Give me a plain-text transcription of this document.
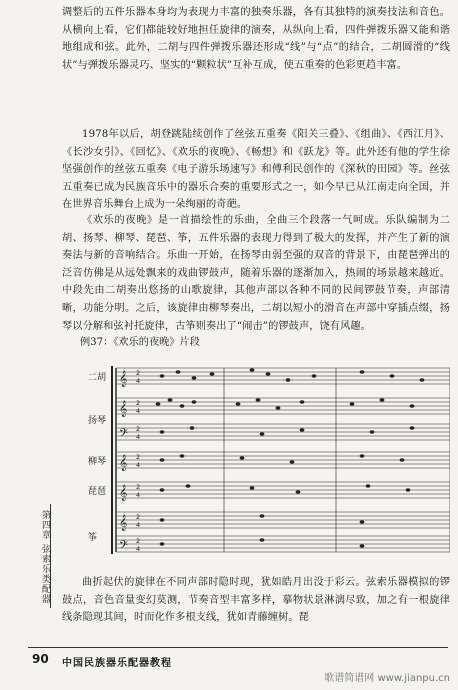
调整后的五件乐器本身均为表现力丰富的独奏乐器，各有其独特的演奏技法和音色。从横向上看，它们都能较好地担任旋律的演奏，从纵向上看，四件弹拨乐器又能和谐地组成和弦。此外，二胡与四件弹拨乐器还形成“线”与“点”的结合，二胡圆滑的“线状”与弹拨乐器灵巧、坚实的“颗粒状”互补互成，使五重奏的色彩更趋丰富。

1978年以后，胡登跳陆续创作了丝弦五重奏《阳关三叠》、《组曲》、《西江月》、《长沙女引》、《回忆》、《欢乐的夜晚》、《畅想》和《跃龙》等。此外还有他的学生徐坚强创作的丝弦五重奏《电子游乐场速写》和傅利民创作的《深秋的田园》等。丝弦五重奏已成为民族音乐中的器乐合奏的重要形式之一，如今早已从江南走向全国，并在世界音乐舞台上成为一朵绚丽的奇葩。

《欢乐的夜晚》是一首描绘性的乐曲，全曲三个段落一气呵成。乐队编制为二胡、扬琴、柳琴、琵琶、筝，五件乐器的表现力得到了极大的发挥，并产生了新的演奏法与新的音响结合。乐曲一开始，在扬琴由弱至强的双音的背景下，由琵琶弹出的泛音仿佛是从远处飘来的戏曲锣鼓声，随着乐器的逐渐加入，热闹的场景越来越近。中段先由二胡奏出悠扬的山歌旋律，其他声部以各种不同的民间锣鼓节奏，声部清晰，功能分明。之后，该旋律由柳琴奏出，二胡以短小的滑音在声部中穿插点缀，扬琴以分解和弦衬托旋律，古筝则奏出了“闹击”的锣鼓声，饶有风趣。

例37：《欢乐的夜晚》片段
𝄞
𝄞
𝄢
𝄞
𝄞
𝄞
𝄢
2
4
2
4
2
4
2
4
2
4
2
4
2
4
二胡
扬琴
柳琴
琵琶
筝
第四章 弦索乐类配器	曲折起伏的旋律在不同声部时隐时现，犹如皓月出没于彩云。弦索乐器模拟的锣鼓点，音色音量变幻莫测，节奏音型丰富多样，摹物状景淋漓尽致，加之有一根旋律线条隐现其间，时而化作多根支线，犹如青藤缠树。琵

90 中国民族器乐配器教程
歌谱简谱网 www.jianpu.cn
